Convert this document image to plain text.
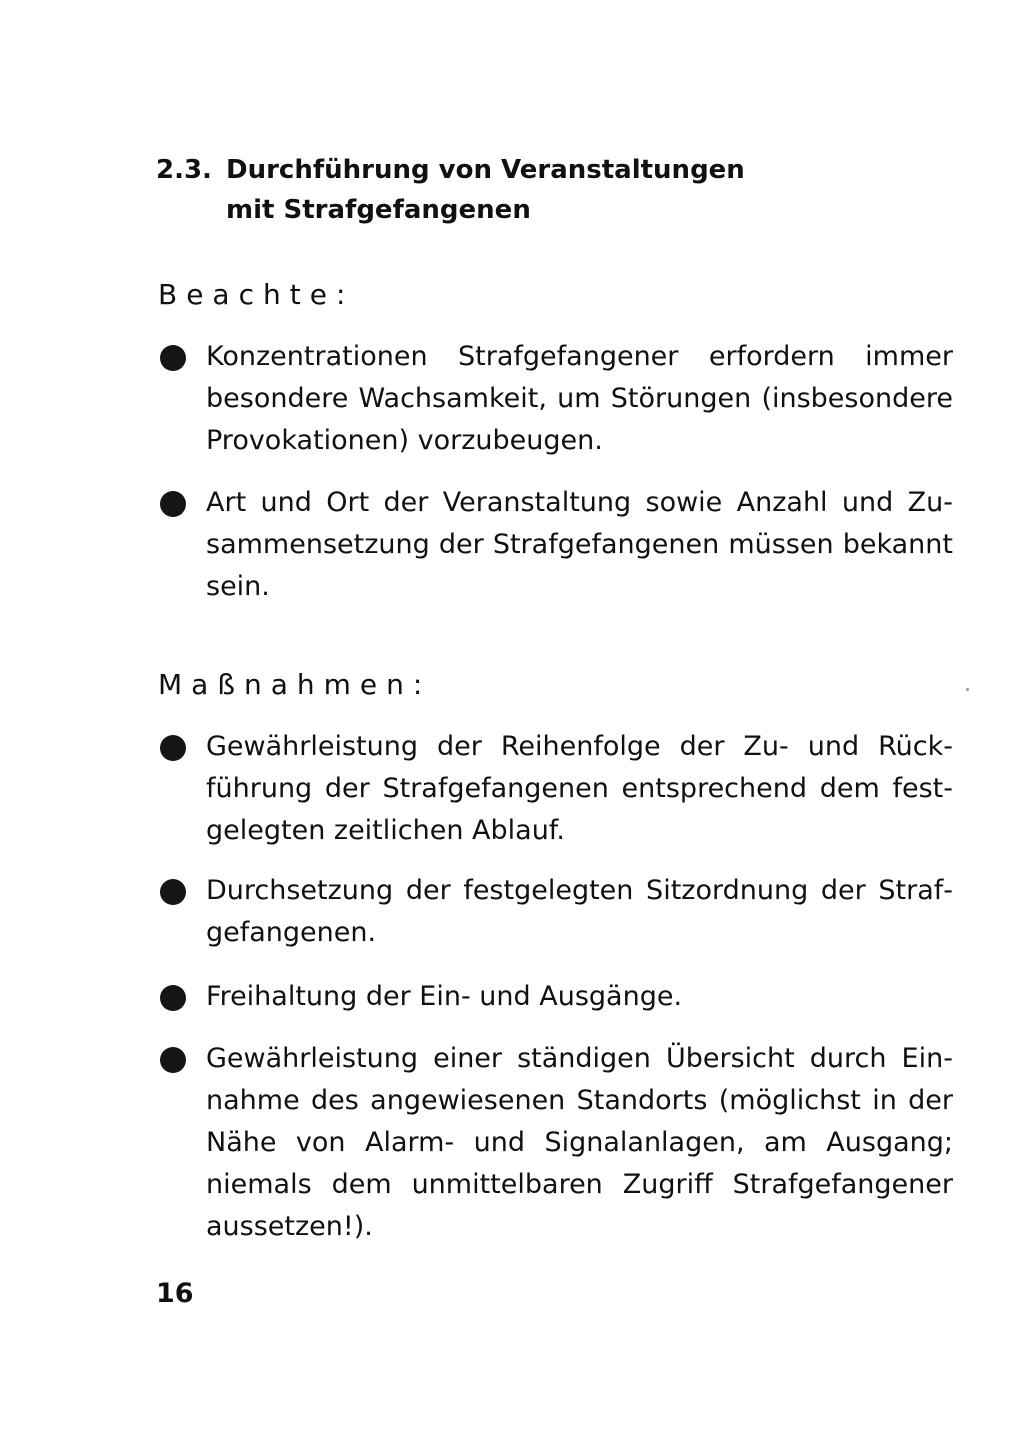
2.3. Durchführung von Veranstaltungen
mit Strafgefangenen
Beachte:
Konzentrationen Strafgefangener erfordern immer besondere Wachsamkeit, um Störungen (insbesondere Provokationen) vorzubeugen.
Art und Ort der Veranstaltung sowie Anzahl und Zusammensetzung der Strafgefangenen müssen bekannt sein.
Maßnahmen:
Gewährleistung der Reihenfolge der Zu- und Rückführung der Strafgefangenen entsprechend dem festgelegten zeitlichen Ablauf.
Durchsetzung der festgelegten Sitzordnung der Strafgefangenen.
Freihaltung der Ein- und Ausgänge.
Gewährleistung einer ständigen Übersicht durch Einnahme des angewiesenen Standorts (möglichst in der Nähe von Alarm- und Signalanlagen, am Ausgang; niemals dem unmittelbaren Zugriff Strafgefangener aussetzen!).
16
